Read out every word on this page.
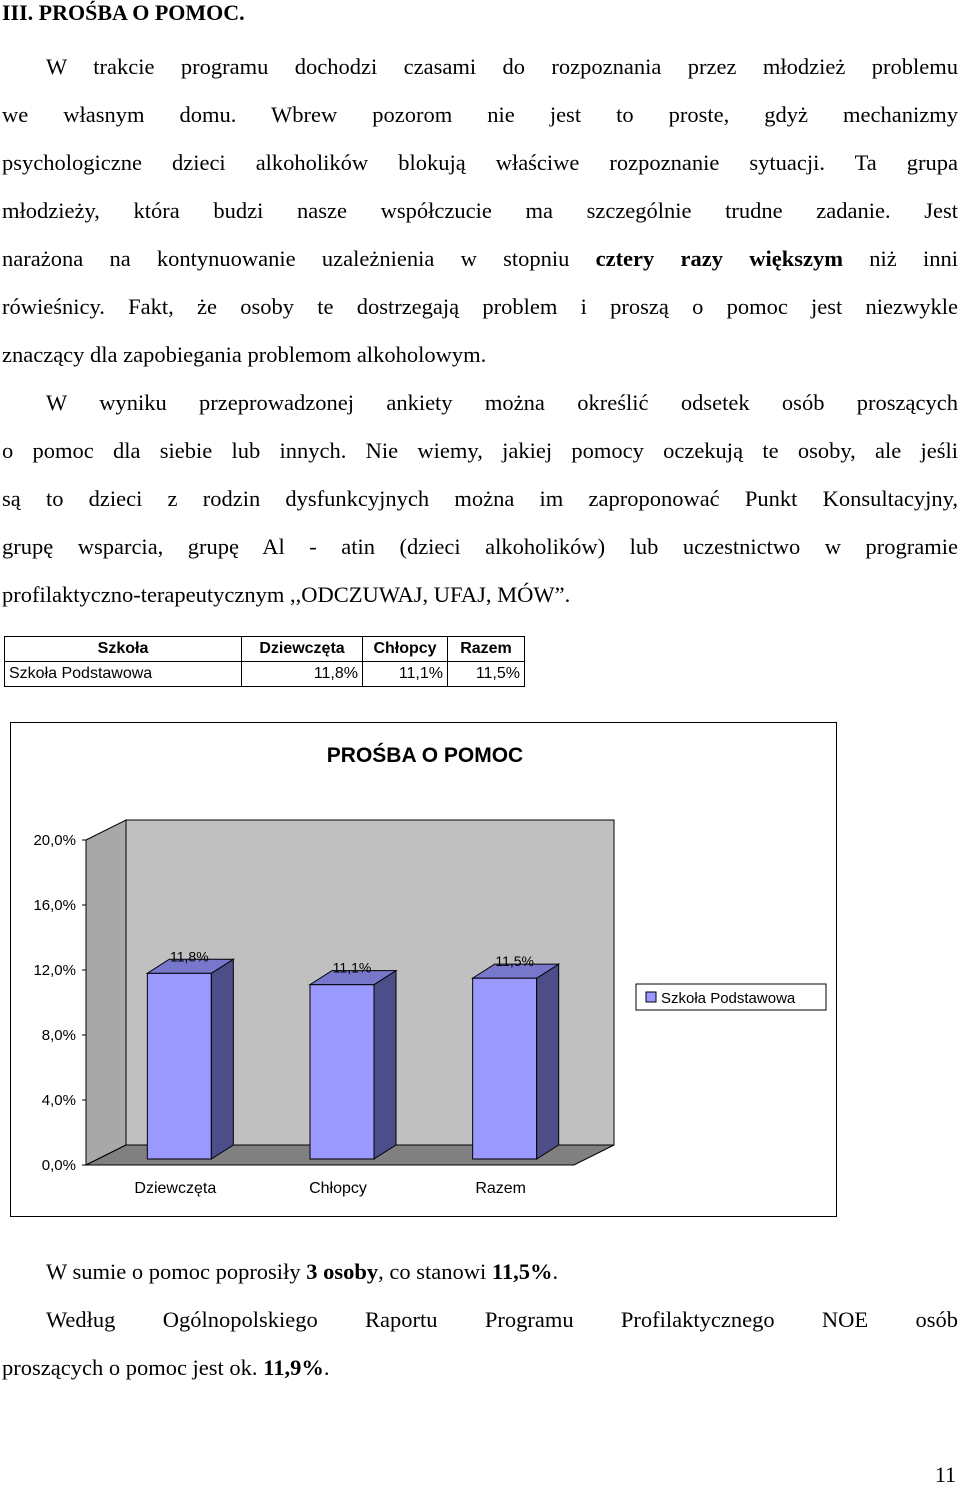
III. PROŚBA O POMOC.

W trakcie programu dochodzi czasami do rozpoznania przez młodzież problemu

we własnym domu. Wbrew pozorom nie jest to proste, gdyż mechanizmy

psychologiczne dzieci alkoholików blokują właściwe rozpoznanie sytuacji. Ta grupa

młodzieży, która budzi nasze współczucie ma szczególnie trudne zadanie. Jest

narażona na kontynuowanie uzależnienia w stopniu cztery razy większym niż inni

rówieśnicy. Fakt, że osoby te dostrzegają problem i proszą o pomoc jest niezwykle

znaczący dla zapobiegania problemom alkoholowym.

W wyniku przeprowadzonej ankiety można określić odsetek osób proszących

o pomoc dla siebie lub innych. Nie wiemy, jakiej pomocy oczekują te osoby, ale jeśli

są to dzieci z rodzin dysfunkcyjnych można im zaproponować Punkt Konsultacyjny,

grupę wsparcia, grupę Al - atin (dzieci alkoholików) lub uczestnictwo w programie

profilaktyczno-terapeutycznym ,,ODCZUWAJ, UFAJ, MÓW”.

Szkoła	Dziewczęta	Chłopcy	Razem
Szkoła Podstawowa	11,8%	11,1%	11,5%
PROŚBA O POMOC
0,0%
4,0%
8,0%
12,0%
16,0%
20,0%
11,8%
11,1%	11,5%
Dziewczęta	Chłopcy	Razem
Szkoła Podstawowa

W sumie o pomoc poprosiły 3 osoby, co stanowi 11,5%.

Według Ogólnopolskiego Raportu Programu Profilaktycznego NOE osób

proszących o pomoc jest ok. 11,9%.

11
